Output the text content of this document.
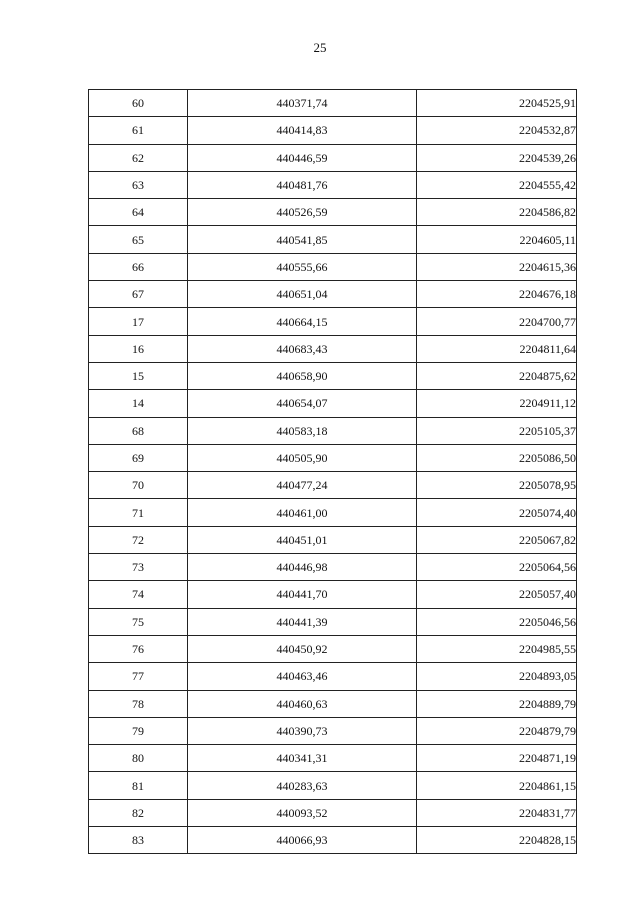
25
60	440371,74	2204525,91
61	440414,83	2204532,87
62	440446,59	2204539,26
63	440481,76	2204555,42
64	440526,59	2204586,82
65	440541,85	2204605,11
66	440555,66	2204615,36
67	440651,04	2204676,18
17	440664,15	2204700,77
16	440683,43	2204811,64
15	440658,90	2204875,62
14	440654,07	2204911,12
68	440583,18	2205105,37
69	440505,90	2205086,50
70	440477,24	2205078,95
71	440461,00	2205074,40
72	440451,01	2205067,82
73	440446,98	2205064,56
74	440441,70	2205057,40
75	440441,39	2205046,56
76	440450,92	2204985,55
77	440463,46	2204893,05
78	440460,63	2204889,79
79	440390,73	2204879,79
80	440341,31	2204871,19
81	440283,63	2204861,15
82	440093,52	2204831,77
83	440066,93	2204828,15
